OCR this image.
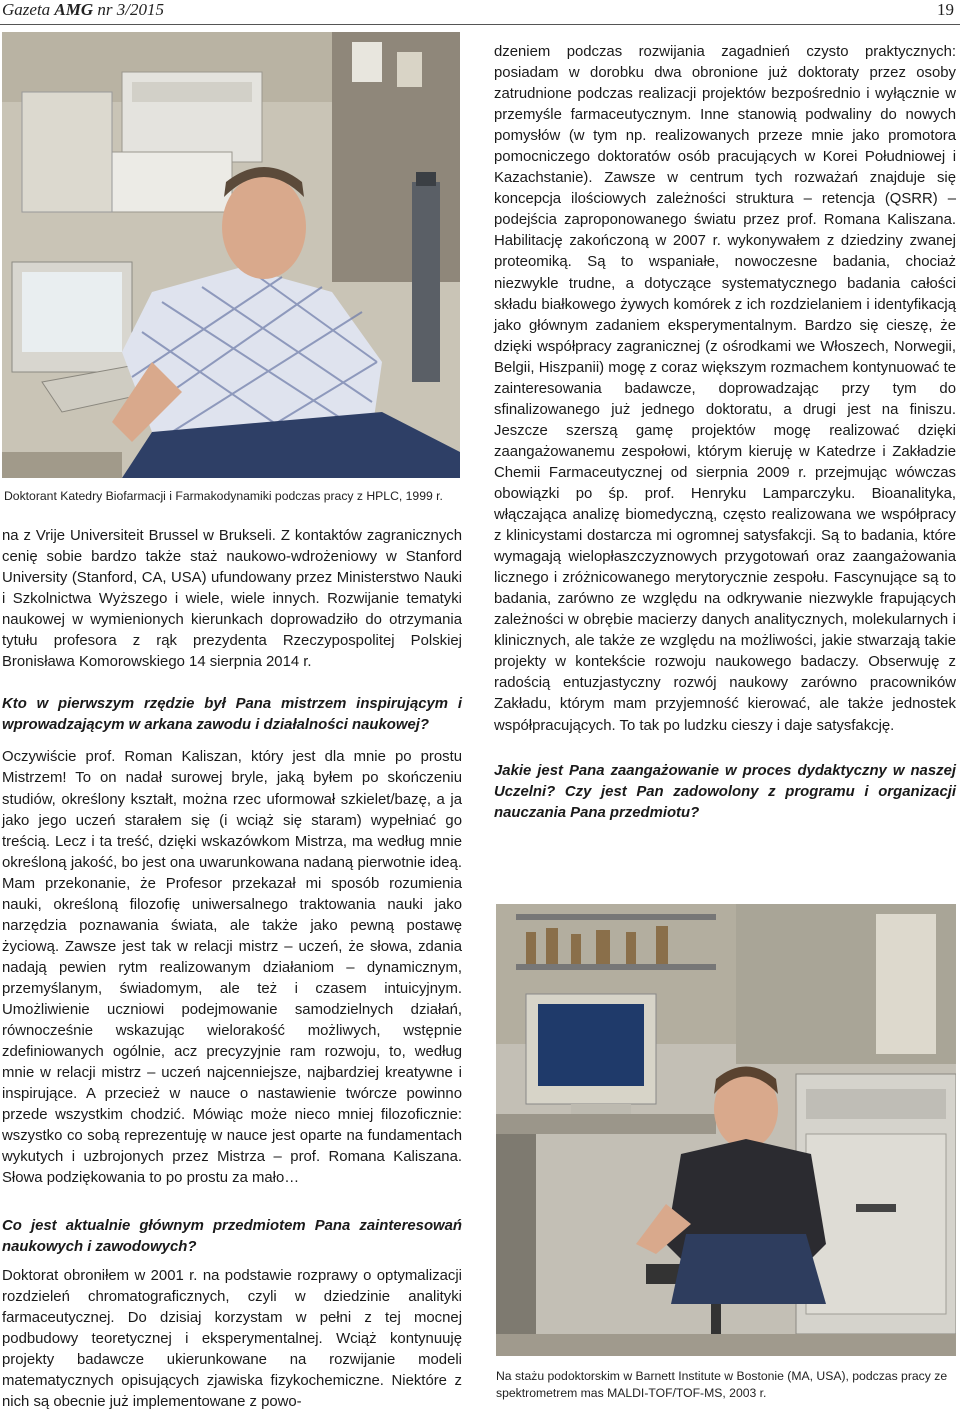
Gazeta AMG nr 3/2015	19
Doktorant Katedry Biofarmacji i Farmakodynamiki podczas pracy z HPLC, 1999 r.

na z Vrije Universiteit Brussel w Brukseli. Z kontaktów zagranicznych cenię sobie bardzo także staż naukowo-wdrożeniowy w Stanford University (Stanford, CA, USA) ufundowany przez Ministerstwo Nauki i Szkolnictwa Wyższego i wiele, wiele innych. Rozwijanie tematyki naukowej w wymienionych kierunkach doprowadziło do otrzymania tytułu profesora z rąk prezydenta Rzeczypospolitej Polskiej Bronisława Komorowskiego 14 sierpnia 2014 r.

Kto w pierwszym rzędzie był Pana mistrzem inspirującym i wprowadzającym w arkana zawodu i działalności naukowej?

Oczywiście prof. Roman Kaliszan, który jest dla mnie po prostu Mistrzem! To on nadał surowej bryle, jaką byłem po skończeniu studiów, określony kształt, można rzec uformował szkielet/bazę, a ja jako jego uczeń starałem się (i wciąż się staram) wypełniać go treścią. Lecz i ta treść, dzięki wskazówkom Mistrza, ma według mnie określoną jakość, bo jest ona uwarunkowana nadaną pierwotnie ideą. Mam przekonanie, że Profesor przekazał mi sposób rozumienia nauki, określoną filozofię uniwersalnego traktowania nauki jako narzędzia poznawania świata, ale także jako pewną postawę życiową. Zawsze jest tak w relacji mistrz – uczeń, że słowa, zdania nadają pewien rytm realizowanym działaniom – dynamicznym, przemyślanym, świadomym, ale też i czasem intuicyjnym. Umożliwienie uczniowi podejmowanie samodzielnych działań, równocześnie wskazując wielorakość możliwych, wstępnie zdefiniowanych ogólnie, acz precyzyjnie ram rozwoju, to, według mnie w relacji mistrz – uczeń najcenniejsze, najbardziej kreatywne i inspirujące. A przecież w nauce o nastawienie twórcze powinno przede wszystkim chodzić. Mówiąc może nieco mniej filozoficznie: wszystko co sobą reprezentuję w nauce jest oparte na fundamentach wykutych i uzbrojonych przez Mistrza – prof. Romana Kaliszana. Słowa podziękowania to po prostu za mało…

Co jest aktualnie głównym przedmiotem Pana zainteresowań naukowych i zawodowych?

Doktorat obroniłem w 2001 r. na podstawie rozprawy o optymalizacji rozdzieleń chromatograficznych, czyli w dziedzinie analityki farmaceutycznej. Do dzisiaj korzystam w pełni z tej mocnej podbudowy teoretycznej i eksperymentalnej. Wciąż kontynuuję projekty badawcze ukierunkowane na rozwijanie modeli matematycznych opisujących zjawiska fizykochemiczne. Niektóre z nich są obecnie już implementowane z powo-

dzeniem podczas rozwijania zagadnień czysto praktycznych: posiadam w dorobku dwa obronione już doktoraty przez osoby zatrudnione podczas realizacji projektów bezpośrednio i wyłącznie w przemyśle farmaceutycznym. Inne stanowią podwaliny do nowych pomysłów (w tym np. realizowanych przeze mnie jako promotora pomocniczego doktoratów osób pracujących w Korei Południowej i Kazachstanie). Zawsze w centrum tych rozważań znajduje się koncepcja ilościowych zależności struktura – retencja (QSRR) – podejścia zaproponowanego światu przez prof. Romana Kaliszana. Habilitację zakończoną w 2007 r. wykonywałem z dziedziny zwanej proteomiką. Są to wspaniałe, nowoczesne badania, chociaż niezwykle trudne, a dotyczące systematycznego badania całości składu białkowego żywych komórek z ich rozdzielaniem i identyfikacją jako głównym zadaniem eksperymentalnym. Bardzo się cieszę, że dzięki współpracy zagranicznej (z ośrodkami we Włoszech, Norwegii, Belgii, Hiszpanii) mogę z coraz większym rozmachem kontynuować te zainteresowania badawcze, doprowadzając przy tym do sfinalizowanego już jednego doktoratu, a drugi jest na finiszu. Jeszcze szerszą gamę projektów mogę realizować dzięki zaangażowanemu zespołowi, którym kieruję w Katedrze i Zakładzie Chemii Farmaceutycznej od sierpnia 2009 r. przejmując wówczas obowiązki po śp. prof. Henryku Lamparczyku. Bioanalityka, włączająca analizę biomedyczną, często realizowana we współpracy z klinicystami dostarcza mi ogromnej satysfakcji. Są to badania, które wymagają wielopłaszczyznowych przygotowań oraz zaangażowania licznego i zróżnicowanego merytorycznie zespołu. Fascynujące są to badania, zarówno ze względu na odkrywanie niezwykle frapujących zależności w obrębie macierzy danych analitycznych, molekularnych i klinicznych, ale także ze względu na możliwości, jakie stwarzają takie projekty w kontekście rozwoju naukowego badaczy. Obserwuję z radością entuzjastyczny rozwój naukowy zarówno pracowników Zakładu, którym mam przyjemność kierować, ale także jednostek współpracujących. To tak po ludzku cieszy i daje satysfakcję.

Jakie jest Pana zaangażowanie w proces dydaktyczny w naszej Uczelni? Czy jest Pan zadowolony z programu i organizacji nauczania Pana przedmiotu?

Na stażu podoktorskim w Barnett Institute w Bostonie (MA, USA), podczas pracy ze spektrometrem mas MALDI-TOF/TOF-MS, 2003 r.
